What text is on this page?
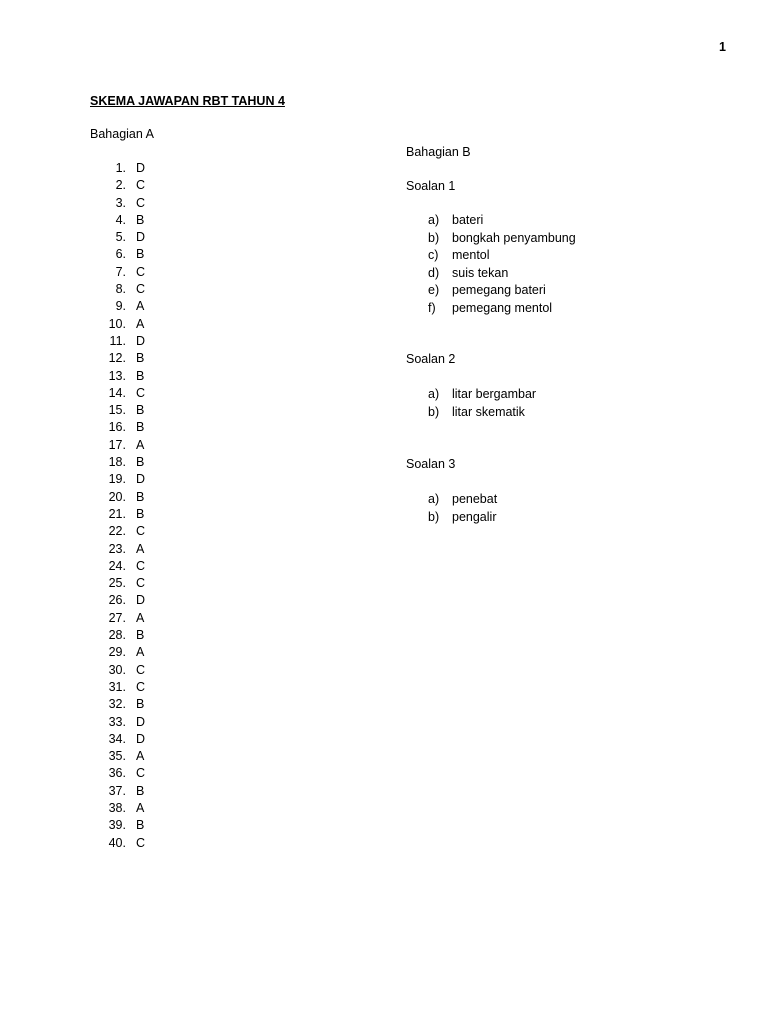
1
SKEMA JAWAPAN RBT TAHUN 4
Bahagian A
1. D
2. C
3. C
4. B
5. D
6. B
7. C
8. C
9. A
10. A
11. D
12. B
13. B
14. C
15. B
16. B
17. A
18. B
19. D
20. B
21. B
22. C
23. A
24. C
25. C
26. D
27. A
28. B
29. A
30. C
31. C
32. B
33. D
34. D
35. A
36. C
37. B
38. A
39. B
40. C
Bahagian B
Soalan 1
a)	bateri
b)	bongkah penyambung
c)	mentol
d)	suis tekan
e)	pemegang bateri
f)	pemegang mentol
Soalan 2
a)	litar bergambar
b)	litar skematik
Soalan 3
a)	penebat
b)	pengalir
